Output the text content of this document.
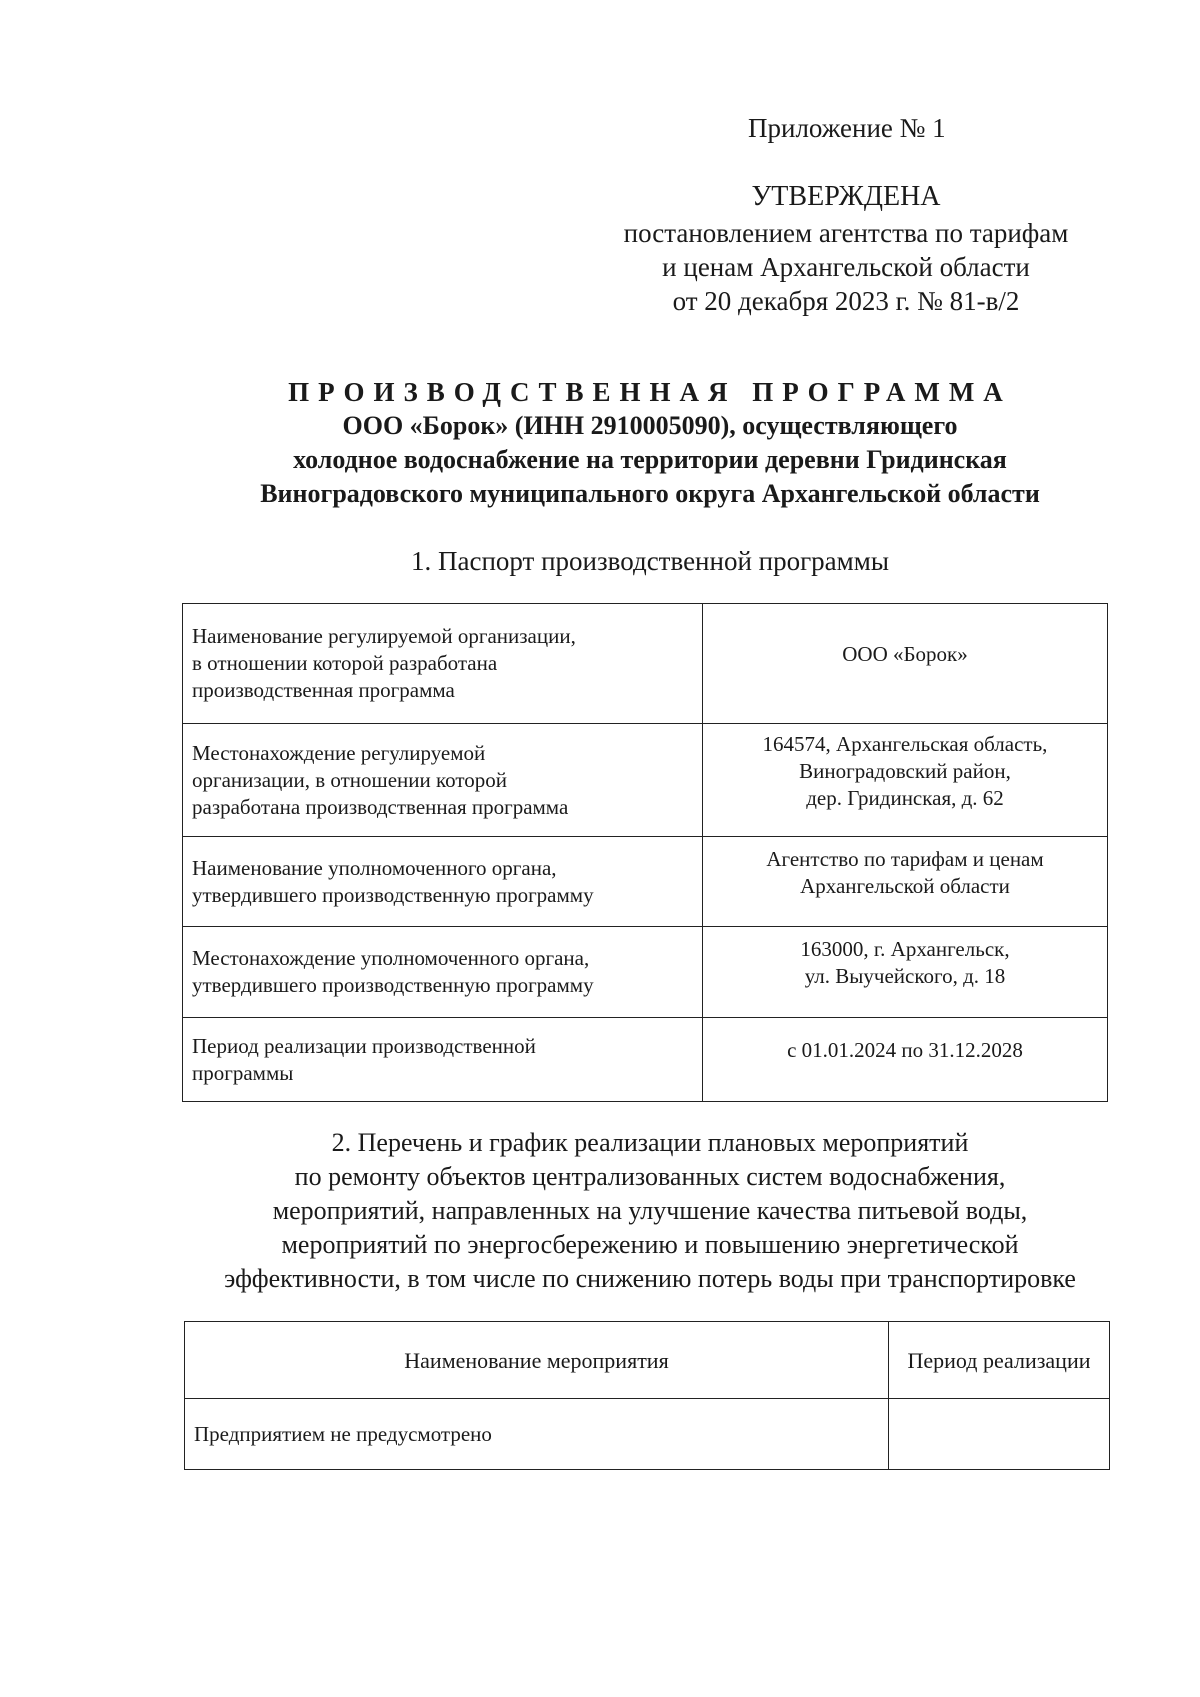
Приложение № 1
УТВЕРЖДЕНА
постановлением агентства по тарифам
и ценам Архангельской области
от 20 декабря 2023 г. № 81-в/2
ПРОИЗВОДСТВЕННАЯ ПРОГРАММА
ООО «Борок» (ИНН 2910005090), осуществляющего
холодное водоснабжение на территории деревни Гридинская
Виноградовского муниципального округа Архангельской области
1. Паспорт производственной программы
Наименование регулируемой организации,
в отношении которой разработана
производственная программа	ООО «Борок»

Местонахождение регулируемой
организации, в отношении которой
разработана производственная программа	164574, Архангельская область,
Виноградовский район,
дер. Гридинская, д. 62

Наименование уполномоченного органа,
утвердившего производственную программу	Агентство по тарифам и ценам
Архангельской области

Местонахождение уполномоченного органа,
утвердившего производственную программу	163000, г. Архангельск,
ул. Выучейского, д. 18

Период реализации производственной
программы	с 01.01.2024 по 31.12.2028
2. Перечень и график реализации плановых мероприятий
по ремонту объектов централизованных систем водоснабжения,
мероприятий, направленных на улучшение качества питьевой воды,
мероприятий по энергосбережению и повышению энергетической
эффективности, в том числе по снижению потерь воды при транспортировке
Наименование мероприятия	Период реализации
Предприятием не предусмотрено	
